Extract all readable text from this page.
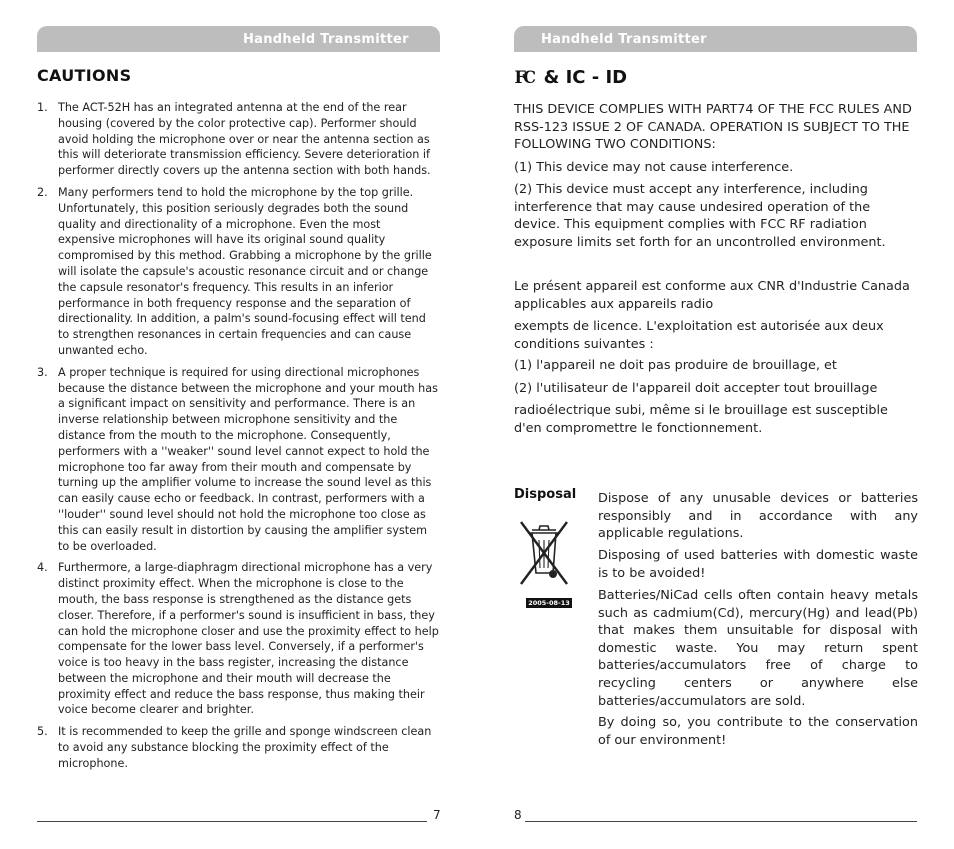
Handheld Transmitter
CAUTIONS
1. The ACT-52H has an integrated antenna at the end of the rear housing (covered by the color protective cap). Performer should avoid holding the microphone over or near the antenna section as this will deteriorate transmission efficiency. Severe deterioration if performer directly covers up the antenna section with both hands.
2. Many performers tend to hold the microphone by the top grille. Unfortunately, this position seriously degrades both the sound quality and directionality of a microphone. Even the most expensive microphones will have its original sound quality compromised by this method. Grabbing a microphone by the grille will isolate the capsule's acoustic resonance circuit and or change the capsule resonator's frequency. This results in an inferior performance in both frequency response and the separation of directionality. In addition, a palm's sound-focusing effect will tend to strengthen resonances in certain frequencies and can cause unwanted echo.
3. A proper technique is required for using directional microphones because the distance between the microphone and your mouth has a significant impact on sensitivity and performance. There is an inverse relationship between microphone sensitivity and the distance from the mouth to the microphone. Consequently, performers with a ''weaker'' sound level cannot expect to hold the microphone too far away from their mouth and compensate by turning up the amplifier volume to increase the sound level as this can easily cause echo or feedback. In contrast, performers with a ''louder'' sound level should not hold the microphone too close as this can easily result in distortion by causing the amplifier system to be overloaded.
4. Furthermore, a large-diaphragm directional microphone has a very distinct proximity effect. When the microphone is close to the mouth, the bass response is strengthened as the distance gets closer. Therefore, if a performer's sound is insufficient in bass, they can hold the microphone closer and use the proximity effect to help compensate for the lower bass level. Conversely, if a performer's voice is too heavy in the bass register, increasing the distance between the microphone and their mouth will decrease the proximity effect and reduce the bass response, thus making their voice become clearer and brighter.
5. It is recommended to keep the grille and sponge windscreen clean to avoid any substance blocking the proximity effect of the microphone.
7
Handheld Transmitter
FC & IC - ID

THIS DEVICE COMPLIES WITH PART74 OF THE FCC RULES AND RSS-123 ISSUE 2 OF CANADA. OPERATION IS SUBJECT TO THE FOLLOWING TWO CONDITIONS:

(1) This device may not cause interference.

(2) This device must accept any interference, including interference that may cause undesired operation of the device. This equipment complies with FCC RF radiation exposure limits set forth for an uncontrolled environment.

Le présent appareil est conforme aux CNR d'Industrie Canada applicables aux appareils radio

exempts de licence. L'exploitation est autorisée aux deux conditions suivantes :

(1) l'appareil ne doit pas produire de brouillage, et

(2) l'utilisateur de l'appareil doit accepter tout brouillage

radioélectrique subi, même si le brouillage est susceptible d'en compromettre le fonctionnement.

Disposal
2005-08-13

Dispose of any unusable devices or batteries responsibly and in accordance with any applicable regulations.

Disposing of used batteries with domestic waste is to be avoided!

Batteries/NiCad cells often contain heavy metals such as cadmium(Cd), mercury(Hg) and lead(Pb) that makes them unsuitable for disposal with domestic waste. You may return spent batteries/accumulators free of charge to recycling centers or anywhere else batteries/accumulators are sold.

By doing so, you contribute to the conservation of our environment!

8
